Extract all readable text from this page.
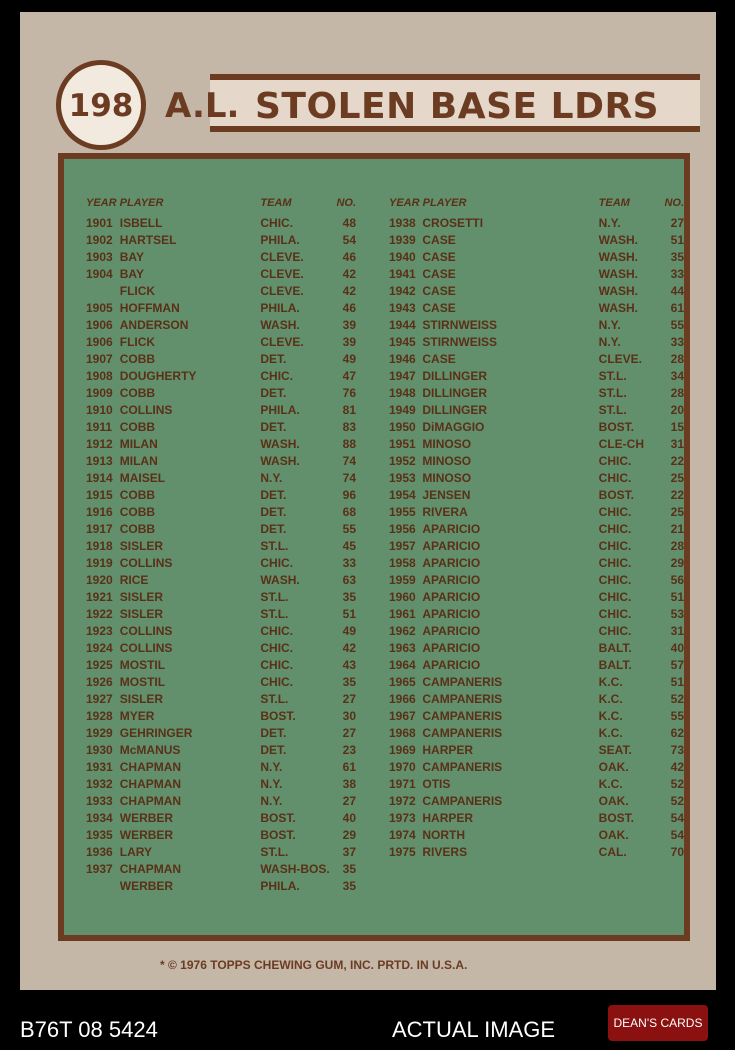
198 A.L. STOLEN BASE LDRS
YEAR PLAYER	TEAM	NO.
1901 ISBELL	CHIC.	48
1902 HARTSEL	PHILA.	54
1903 BAY	CLEVE.	46
1904 BAY	CLEVE.	42
FLICK	CLEVE.	42
1905 HOFFMAN	PHILA.	46
1906 ANDERSON	WASH.	39
1906 FLICK	CLEVE.	39
1907 COBB	DET.	49
1908 DOUGHERTY	CHIC.	47
1909 COBB	DET.	76
1910 COLLINS	PHILA.	81
1911 COBB	DET.	83
1912 MILAN	WASH.	88
1913 MILAN	WASH.	74
1914 MAISEL	N.Y.	74
1915 COBB	DET.	96
1916 COBB	DET.	68
1917 COBB	DET.	55
1918 SISLER	ST.L.	45
1919 COLLINS	CHIC.	33
1920 RICE	WASH.	63
1921 SISLER	ST.L.	35
1922 SISLER	ST.L.	51
1923 COLLINS	CHIC.	49
1924 COLLINS	CHIC.	42
1925 MOSTIL	CHIC.	43
1926 MOSTIL	CHIC.	35
1927 SISLER	ST.L.	27
1928 MYER	BOST.	30
1929 GEHRINGER	DET.	27
1930 McMANUS	DET.	23
1931 CHAPMAN	N.Y.	61
1932 CHAPMAN	N.Y.	38
1933 CHAPMAN	N.Y.	27
1934 WERBER	BOST.	40
1935 WERBER	BOST.	29
1936 LARY	ST.L.	37
1937 CHAPMAN	WASH-BOS.	35
WERBER	PHILA.	35
YEAR PLAYER	TEAM	NO.
1938 CROSETTI	N.Y.	27
1939 CASE	WASH.	51
1940 CASE	WASH.	35
1941 CASE	WASH.	33
1942 CASE	WASH.	44
1943 CASE	WASH.	61
1944 STIRNWEISS	N.Y.	55
1945 STIRNWEISS	N.Y.	33
1946 CASE	CLEVE.	28
1947 DILLINGER	ST.L.	34
1948 DILLINGER	ST.L.	28
1949 DILLINGER	ST.L.	20
1950 DiMAGGIO	BOST.	15
1951 MINOSO	CLE-CH	31
1952 MINOSO	CHIC.	22
1953 MINOSO	CHIC.	25
1954 JENSEN	BOST.	22
1955 RIVERA	CHIC.	25
1956 APARICIO	CHIC.	21
1957 APARICIO	CHIC.	28
1958 APARICIO	CHIC.	29
1959 APARICIO	CHIC.	56
1960 APARICIO	CHIC.	51
1961 APARICIO	CHIC.	53
1962 APARICIO	CHIC.	31
1963 APARICIO	BALT.	40
1964 APARICIO	BALT.	57
1965 CAMPANERIS	K.C.	51
1966 CAMPANERIS	K.C.	52
1967 CAMPANERIS	K.C.	55
1968 CAMPANERIS	K.C.	62
1969 HARPER	SEAT.	73
1970 CAMPANERIS	OAK.	42
1971 OTIS	K.C.	52
1972 CAMPANERIS	OAK.	52
1973 HARPER	BOST.	54
1974 NORTH	OAK.	54
1975 RIVERS	CAL.	70
* © 1976 TOPPS CHEWING GUM, INC. PRTD. IN U.S.A.
B76T 08 5424	ACTUAL IMAGE	DEAN'S CARDS
